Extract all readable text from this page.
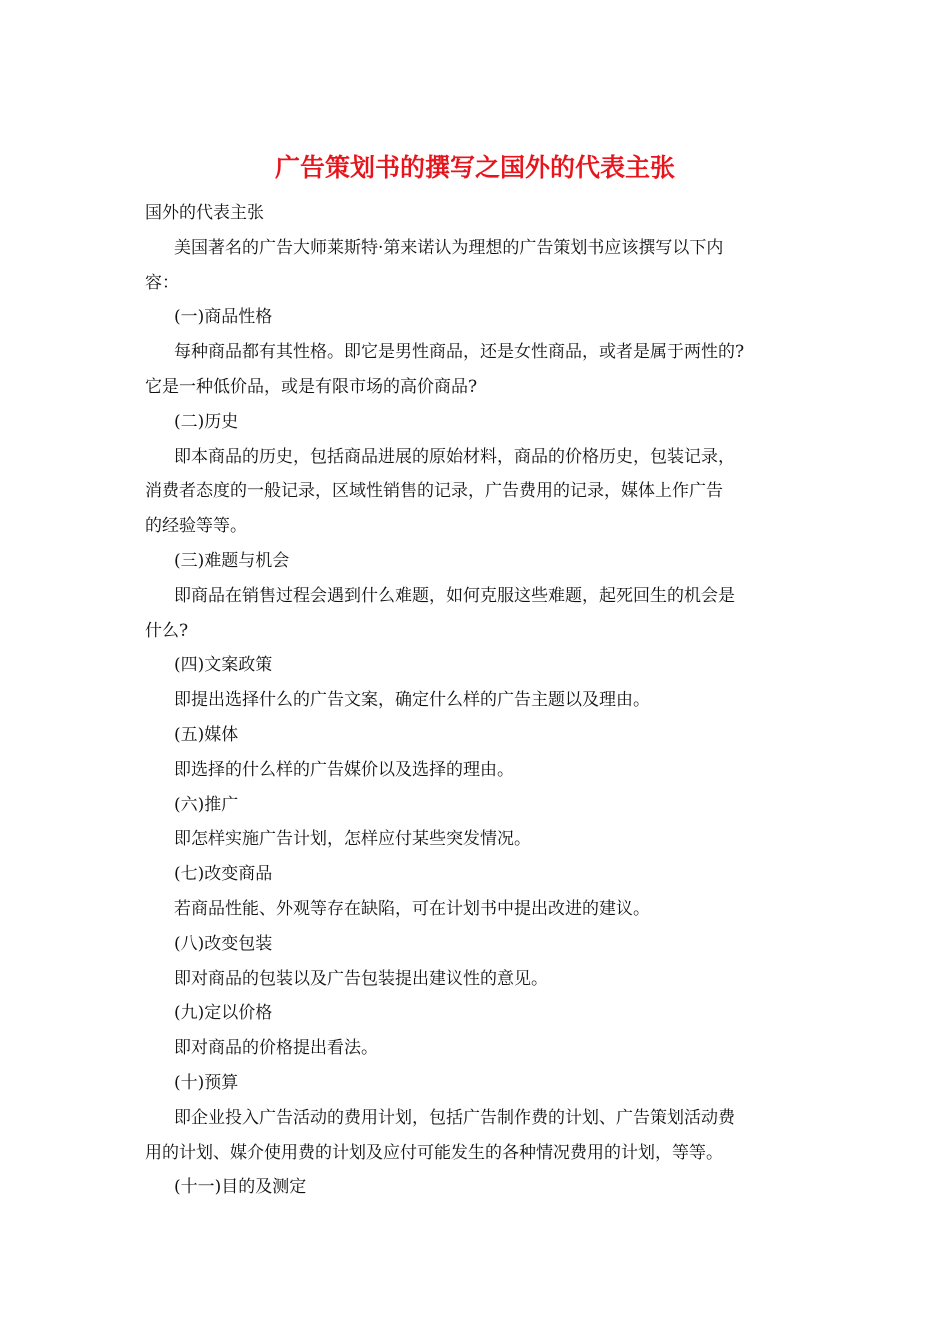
广告策划书的撰写之国外的代表主张
国外的代表主张
美国著名的广告大师莱斯特·第来诺认为理想的广告策划书应该撰写以下内
容：
(一)商品性格
每种商品都有其性格。即它是男性商品，还是女性商品，或者是属于两性的?
它是一种低价品，或是有限市场的高价商品?
(二)历史
即本商品的历史，包括商品进展的原始材料，商品的价格历史，包装记录，
消费者态度的一般记录，区域性销售的记录，广告费用的记录，媒体上作广告
的经验等等。
(三)难题与机会
即商品在销售过程会遇到什么难题，如何克服这些难题，起死回生的机会是
什么?
(四)文案政策
即提出选择什么的广告文案，确定什么样的广告主题以及理由。
(五)媒体
即选择的什么样的广告媒价以及选择的理由。
(六)推广
即怎样实施广告计划，怎样应付某些突发情况。
(七)改变商品
若商品性能、外观等存在缺陷，可在计划书中提出改进的建议。
(八)改变包装
即对商品的包装以及广告包装提出建议性的意见。
(九)定以价格
即对商品的价格提出看法。
(十)预算
即企业投入广告活动的费用计划，包括广告制作费的计划、广告策划活动费
用的计划、媒介使用费的计划及应付可能发生的各种情况费用的计划，等等。
(十一)目的及测定
